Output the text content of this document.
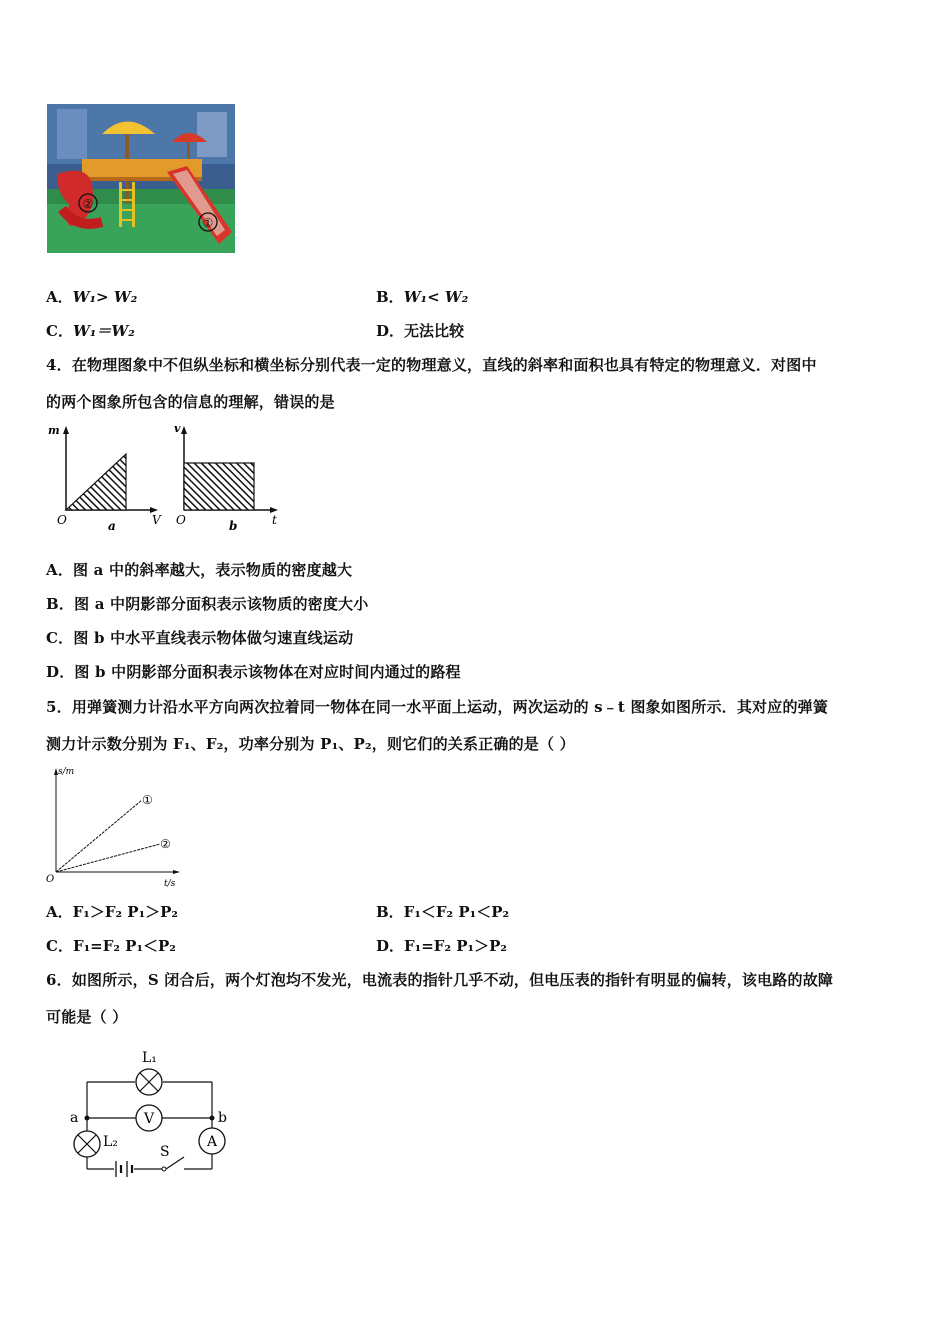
②
①
A．W₁> W₂	B．W₁< W₂
C．W₁＝W₂	D．无法比较
4．在物理图象中不但纵坐标和横坐标分别代表一定的物理意义，直线的斜率和面积也具有特定的物理意义．对图中
的两个图象所包含的信息的理解，错误的是
m
O	V
a
v
O	t
b
A．图 a 中的斜率越大，表示物质的密度越大
B．图 a 中阴影部分面积表示该物质的密度大小
C．图 b 中水平直线表示物体做匀速直线运动
D．图 b 中阴影部分面积表示该物体在对应时间内通过的路程
5．用弹簧测力计沿水平方向两次拉着同一物体在同一水平面上运动，两次运动的 s﹣t 图象如图所示．其对应的弹簧
测力计示数分别为 F₁、F₂，功率分别为 P₁、P₂，则它们的关系正确的是（ ）
s/m
t/s
O
①
②
A．F₁＞F₂ P₁＞P₂	B．F₁＜F₂ P₁＜P₂
C．F₁=F₂ P₁＜P₂	D．F₁=F₂ P₁＞P₂
6．如图所示，S 闭合后，两个灯泡均不发光，电流表的指针几乎不动，但电压表的指针有明显的偏转，该电路的故障
可能是（ ）
L₁
V
a	b
L₂	A
S
